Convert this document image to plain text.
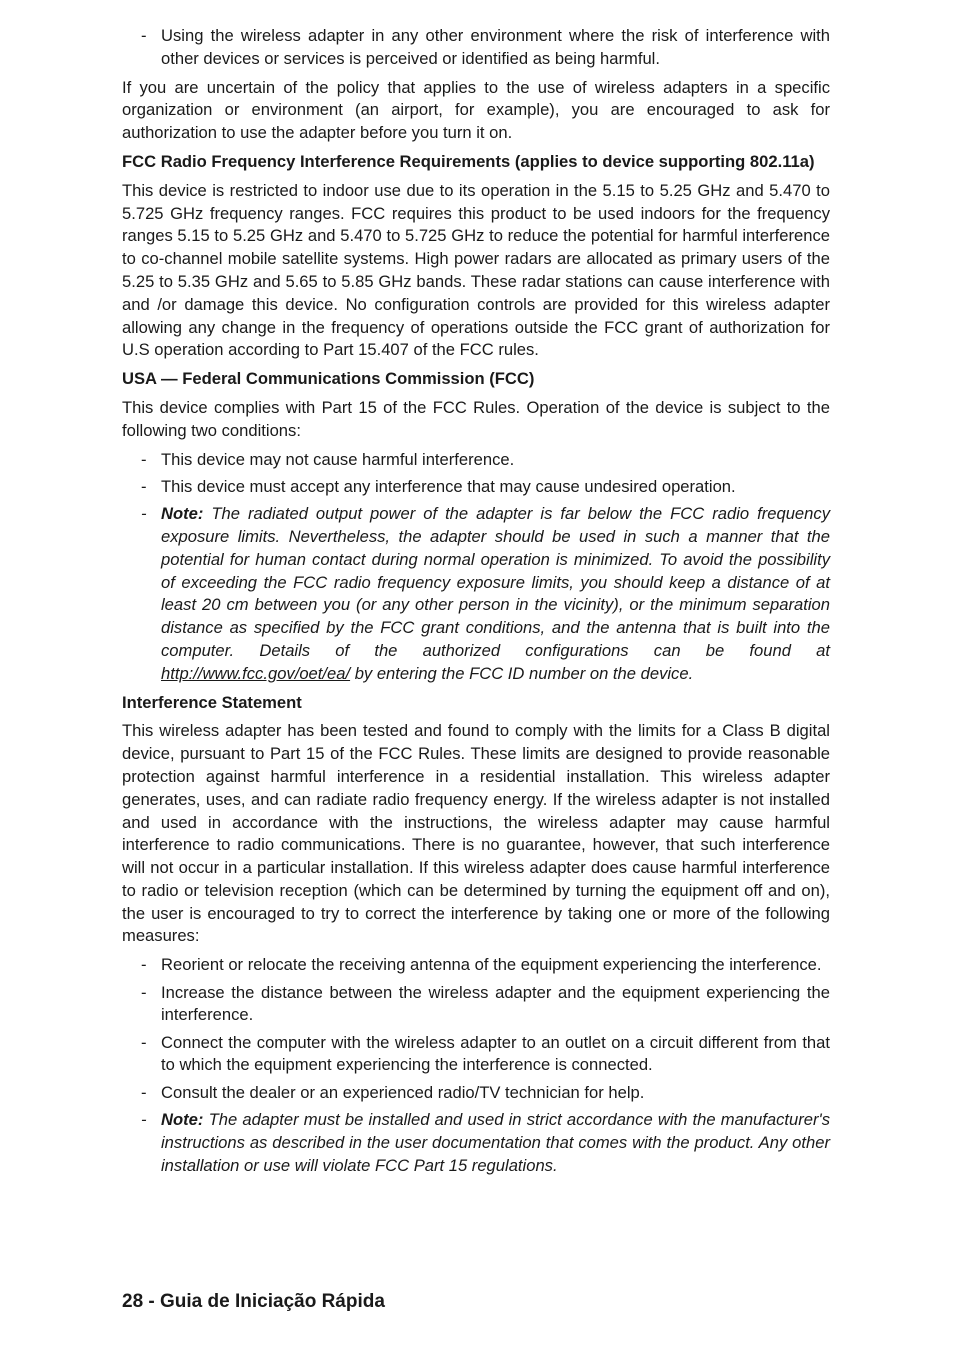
- Using the wireless adapter in any other environment where the risk of interference with other devices or services is perceived or identified as being harmful.

If you are uncertain of the policy that applies to the use of wireless adapters in a specific organization or environment (an airport, for example), you are encouraged to ask for authorization to use the adapter before you turn it on.

FCC Radio Frequency Interference Requirements (applies to device supporting 802.11a)

This device is restricted to indoor use due to its operation in the 5.15 to 5.25 GHz and 5.470 to 5.725 GHz frequency ranges. FCC requires this product to be used indoors for the frequency ranges 5.15 to 5.25 GHz and 5.470 to 5.725 GHz to reduce the potential for harmful interference to co-channel mobile satellite systems. High power radars are allocated as primary users of the 5.25 to 5.35 GHz and 5.65 to 5.85 GHz bands. These radar stations can cause interference with and /or damage this device. No configuration controls are provided for this wireless adapter allowing any change in the frequency of operations outside the FCC grant of authorization for U.S operation according to Part 15.407 of the FCC rules.

USA — Federal Communications Commission (FCC)

This device complies with Part 15 of the FCC Rules. Operation of the device is subject to the following two conditions:

- This device may not cause harmful interference.
- This device must accept any interference that may cause undesired operation.
- Note: The radiated output power of the adapter is far below the FCC radio frequency exposure limits. Nevertheless, the adapter should be used in such a manner that the potential for human contact during normal operation is minimized. To avoid the possibility of exceeding the FCC radio frequency exposure limits, you should keep a distance of at least 20 cm between you (or any other person in the vicinity), or the minimum separation distance as specified by the FCC grant conditions, and the antenna that is built into the computer. Details of the authorized configurations can be found at http://www.fcc.gov/oet/ea/ by entering the FCC ID number on the device.
Interference Statement

This wireless adapter has been tested and found to comply with the limits for a Class B digital device, pursuant to Part 15 of the FCC Rules. These limits are designed to provide reasonable protection against harmful interference in a residential installation. This wireless adapter generates, uses, and can radiate radio frequency energy. If the wireless adapter is not installed and used in accordance with the instructions, the wireless adapter may cause harmful interference to radio communications. There is no guarantee, however, that such interference will not occur in a particular installation. If this wireless adapter does cause harmful interference to radio or television reception (which can be determined by turning the equipment off and on), the user is encouraged to try to correct the interference by taking one or more of the following measures:

- Reorient or relocate the receiving antenna of the equipment experiencing the interference.
- Increase the distance between the wireless adapter and the equipment experiencing the interference.
- Connect the computer with the wireless adapter to an outlet on a circuit different from that to which the equipment experiencing the interference is connected.
- Consult the dealer or an experienced radio/TV technician for help.
- Note: The adapter must be installed and used in strict accordance with the manufacturer's instructions as described in the user documentation that comes with the product. Any other installation or use will violate FCC Part 15 regulations.
28 - Guia de Iniciação Rápida
